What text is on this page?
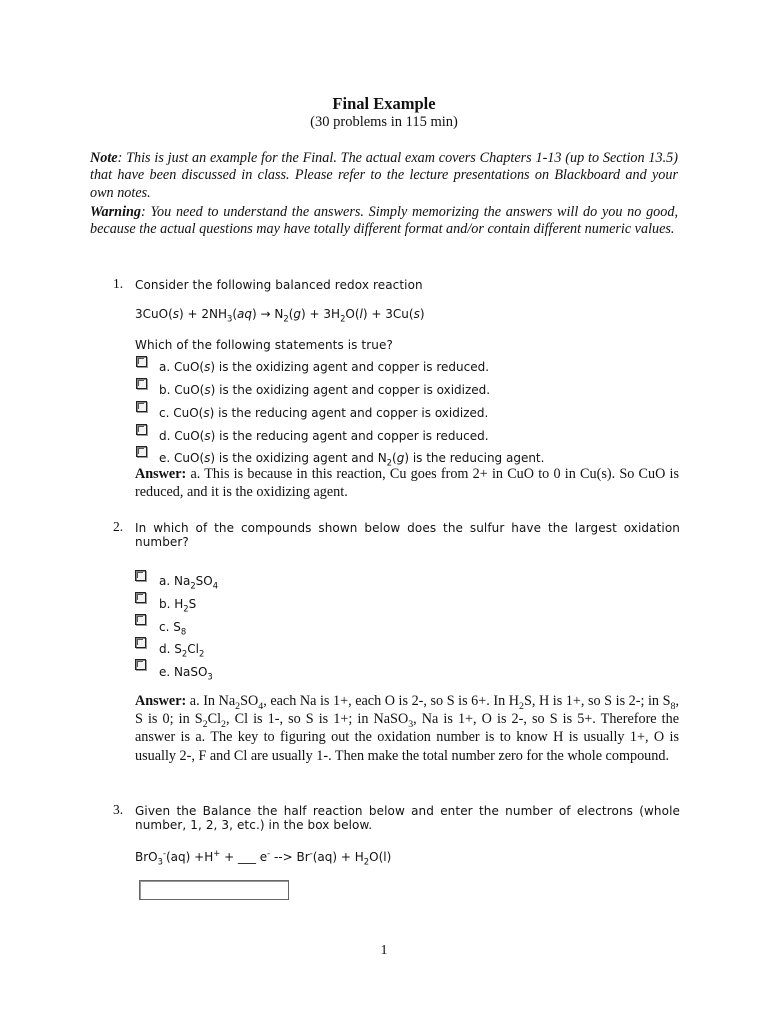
Final Example
(30 problems in 115 min)
Note: This is just an example for the Final. The actual exam covers Chapters 1-13 (up to Section 13.5) that have been discussed in class. Please refer to the lecture presentations on Blackboard and your own notes.
Warning: You need to understand the answers. Simply memorizing the answers will do you no good, because the actual questions may have totally different format and/or contain different numeric values.
1. Consider the following balanced redox reaction
$3CuO(s) + 2NH_3(aq) \to N_2(g) + 3H_2O(l) + 3Cu(s)$
Which of the following statements is true?
a. CuO(s) is the oxidizing agent and copper is reduced.
b. CuO(s) is the oxidizing agent and copper is oxidized.
c. CuO(s) is the reducing agent and copper is oxidized.
d. CuO(s) is the reducing agent and copper is reduced.
e. CuO(s) is the oxidizing agent and $N_2(g)$ is the reducing agent.
Answer: a. This is because in this reaction, Cu goes from 2+ in CuO to 0 in Cu(s). So CuO is reduced, and it is the oxidizing agent.
2. In which of the compounds shown below does the sulfur have the largest oxidation number?
a. $Na_2SO_4$
b. $H_2S$
c. $S_8$
d. $S_2Cl_2$
e. NaSO$_3$
Answer: a. In $Na_2SO_4$, each Na is 1+, each O is 2-, so S is 6+. In $H_2S$, H is 1+, so S is 2-; in $S_8$, S is 0; in $S_2Cl_2$, Cl is 1-, so S is 1+; in NaSO$_3$, Na is 1+, O is 2-, so S is 5+. Therefore the answer is a. The key to figuring out the oxidation number is to know H is usually 1+, O is usually 2-, F and Cl are usually 1-. Then make the total number zero for the whole compound.
3. Given the Balance the half reaction below and enter the number of electrons (whole number, 1, 2, 3, etc.) in the box below.
BrO$_3$-(aq) +H+ + ___ e- --> $Br^-(aq) + H_2O(l)$
1
